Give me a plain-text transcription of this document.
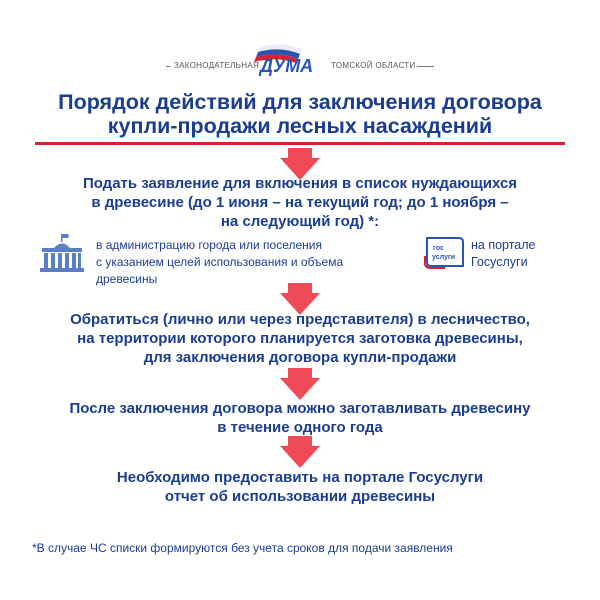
ЗАКОНОДАТЕЛЬНАЯ ДУМА ТОМСКОЙ ОБЛАСТИ
Порядок действий для заключения договора
купли-продажи лесных насаждений
Подать заявление для включения в список нуждающихся
в древесине (до 1 июня – на текущий год; до 1 ноября –
на следующий год) *:
в администрацию города или поселения
с указанием целей использования и объема
древесины
гос
услуги
на портале
Госуслуги
Обратиться (лично или через представителя) в лесничество,
на территории которого планируется заготовка древесины,
для заключения договора купли-продажи
После заключения договора можно заготавливать древесину
в течение одного года
Необходимо предоставить на портале Госуслуги
отчет об использовании древесины
*В случае ЧС списки формируются без учета сроков для подачи заявления
